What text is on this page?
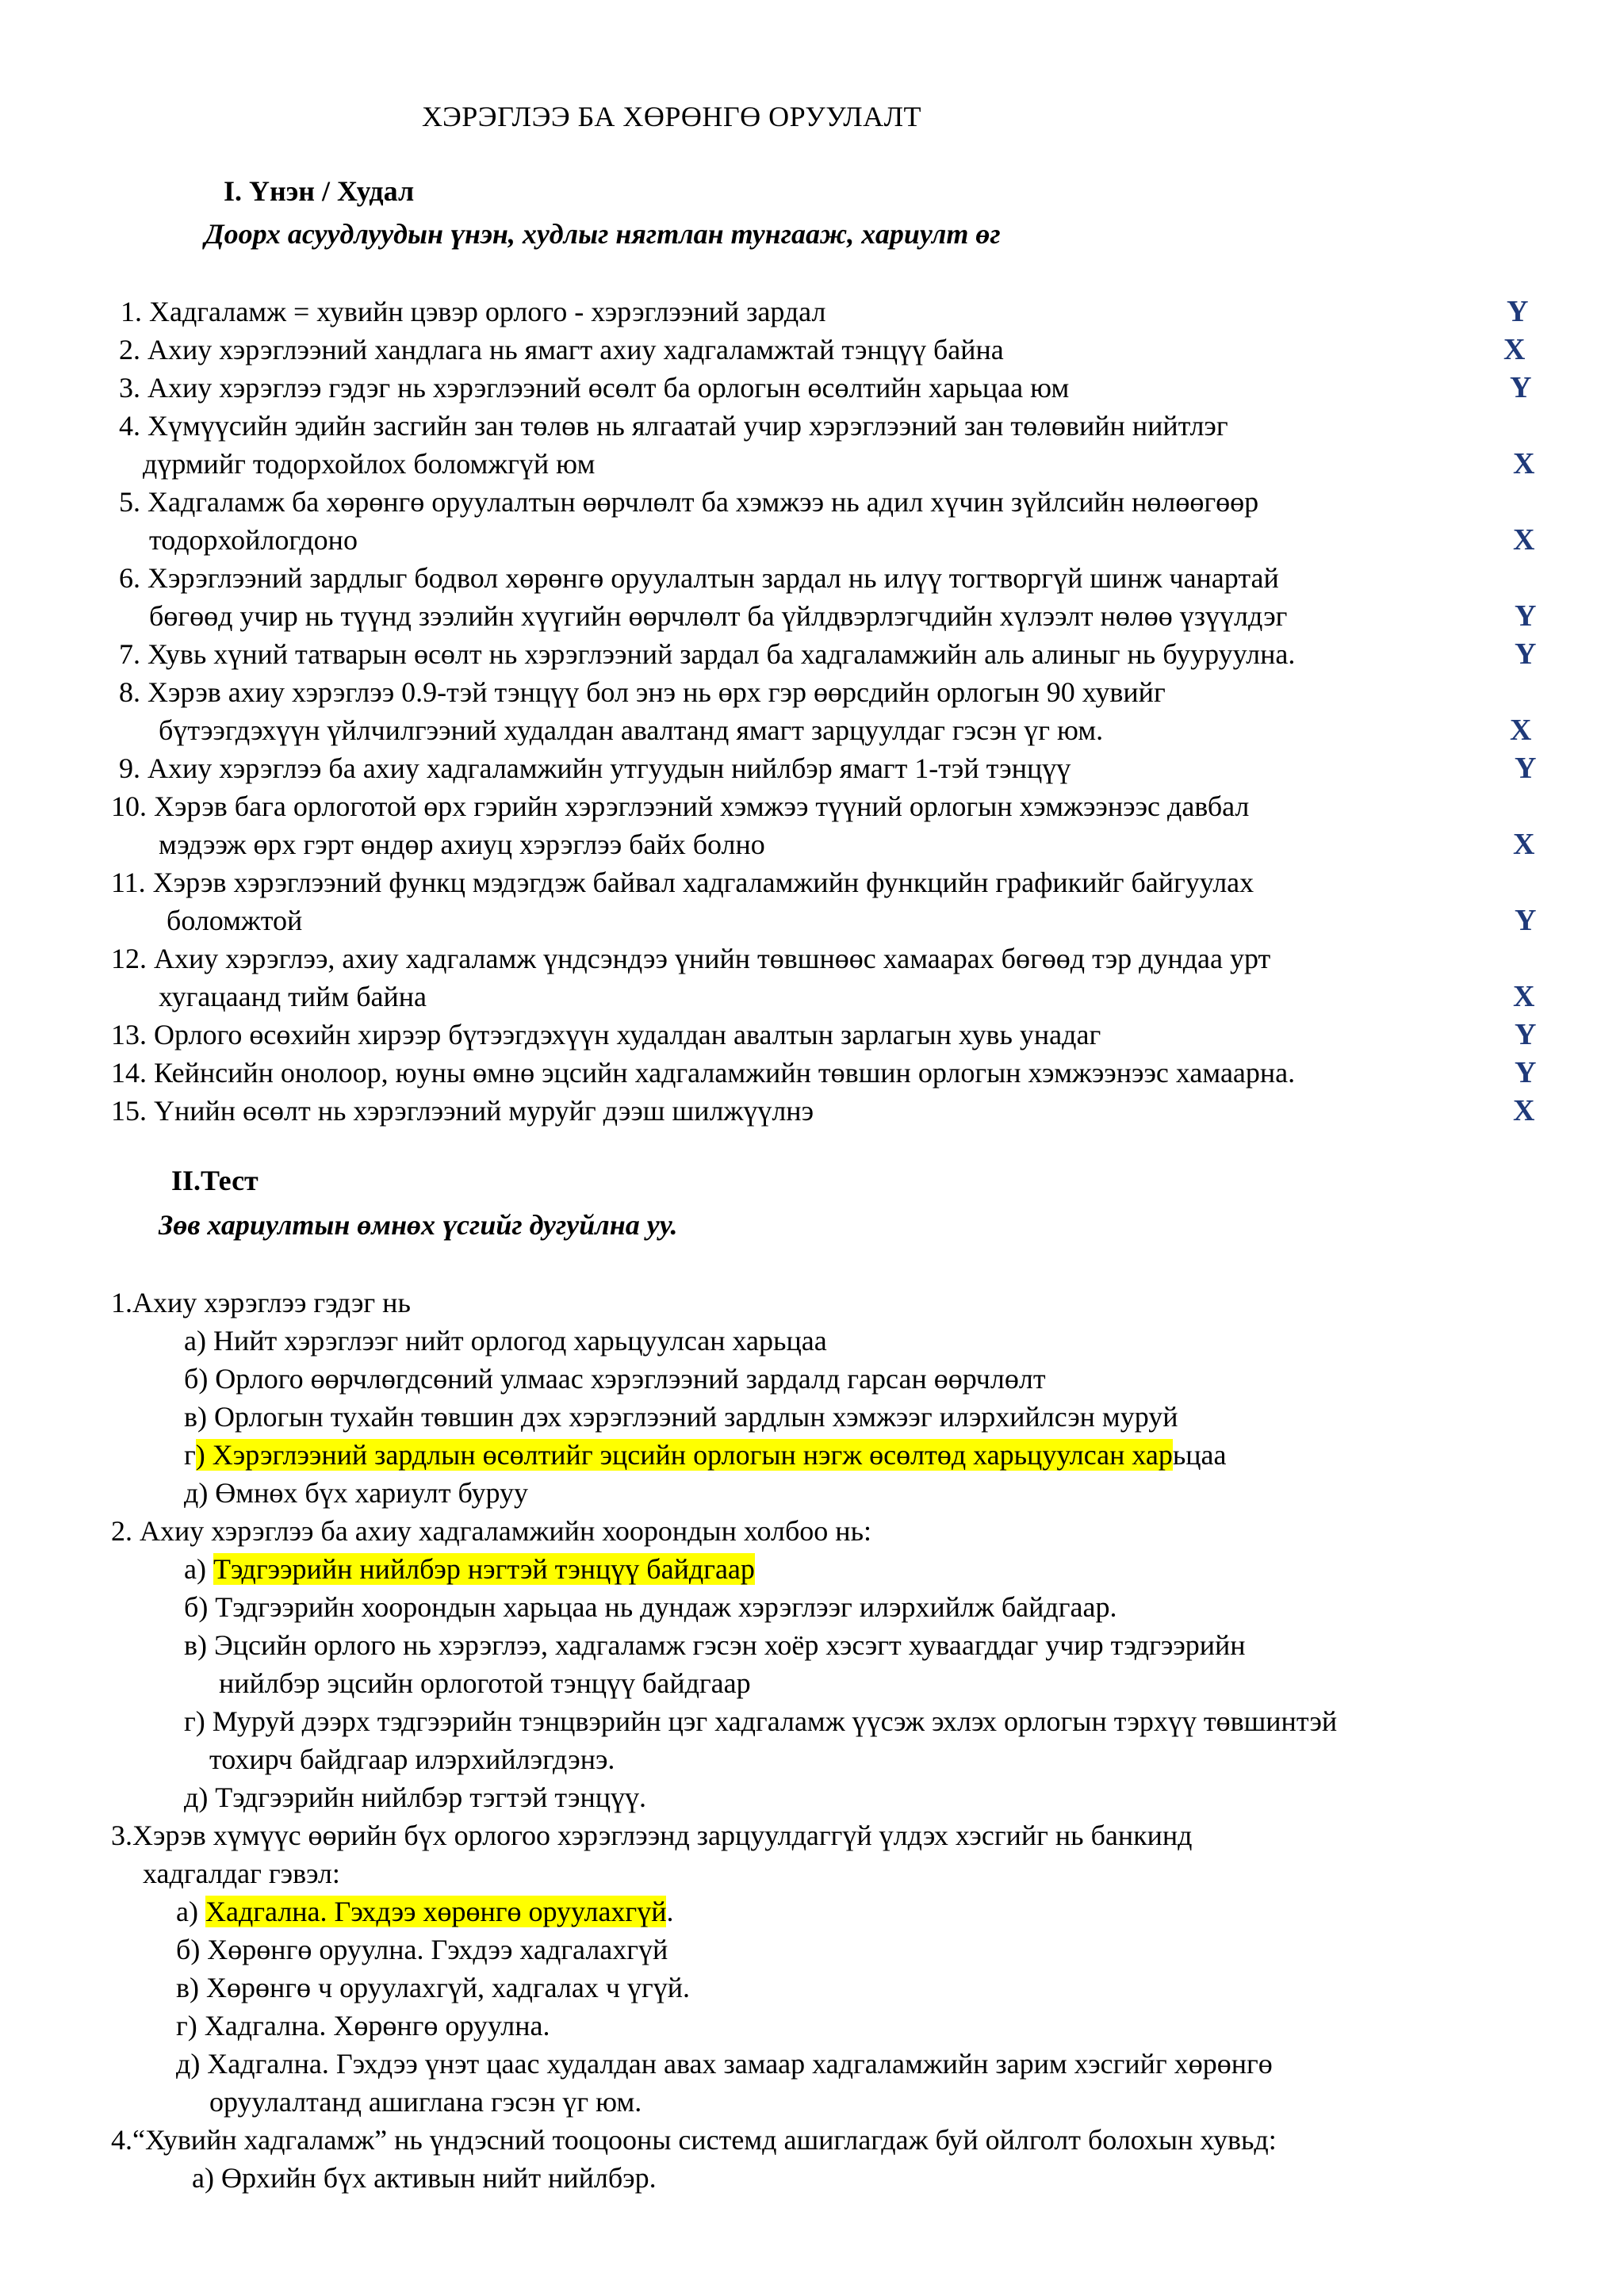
ХЭРЭГЛЭЭ БА ХӨРӨНГӨ ОРУУЛАЛТ
I. Үнэн / Худал
Доорх асуудлуудын үнэн, худлыг нягтлан тунгааж, хариулт өг
1. Хадгаламж = хувийн цэвэр орлого - хэрэглээний зардал
2. Ахиу хэрэглээний хандлага нь ямагт ахиу хадгаламжтай тэнцүү байна
3. Ахиу хэрэглээ гэдэг нь хэрэглээний өсөлт ба орлогын өсөлтийн харьцаа юм
4. Хүмүүсийн эдийн засгийн зан төлөв нь ялгаатай учир хэрэглээний зан төлөвийн нийтлэг
дүрмийг тодорхойлох боломжгүй юм
5. Хадгаламж ба хөрөнгө оруулалтын өөрчлөлт ба хэмжээ нь адил хүчин зүйлсийн нөлөөгөөр
тодорхойлогдоно
6. Хэрэглээний зардлыг бодвол хөрөнгө оруулалтын зардал нь илүү тогтворгүй шинж чанартай
бөгөөд учир нь түүнд зээлийн хүүгийн өөрчлөлт ба үйлдвэрлэгчдийн хүлээлт нөлөө үзүүлдэг
7. Хувь хүний татварын өсөлт нь хэрэглээний зардал ба хадгаламжийн аль алиныг нь бууруулна.
8. Хэрэв ахиу хэрэглээ 0.9-тэй тэнцүү бол энэ нь өрх гэр өөрсдийн орлогын 90 хувийг
бүтээгдэхүүн үйлчилгээний худалдан авалтанд ямагт зарцуулдаг гэсэн үг юм.
9. Ахиу хэрэглээ ба ахиу хадгаламжийн утгуудын нийлбэр ямагт 1-тэй тэнцүү
10. Хэрэв бага орлоготой өрх гэрийн хэрэглээний хэмжээ түүний орлогын хэмжээнээс давбал
мэдээж өрх гэрт өндөр ахиуц хэрэглээ байх болно
11. Хэрэв хэрэглээний функц мэдэгдэж байвал хадгаламжийн функцийн графикийг байгуулах
боломжтой
12. Ахиу хэрэглээ, ахиу хадгаламж үндсэндээ үнийн төвшнөөс хамаарах бөгөөд тэр дундаа урт
хугацаанд тийм байна
13. Орлого өсөхийн хирээр бүтээгдэхүүн худалдан авалтын зарлагын хувь унадаг
14. Кейнсийн онолоор, юуны өмнө эцсийн хадгаламжийн төвшин орлогын хэмжээнээс хамаарна.
15. Үнийн өсөлт нь хэрэглээний муруйг дээш шилжүүлнэ
Y
X
Y
X
X
Y
Y
X
Y
X
Y
X
Y
Y
X
II.Тест
Зөв хариултын өмнөх үсгийг дугуйлна уу.
1.Ахиу хэрэглээ гэдэг нь
а) Нийт хэрэглээг нийт орлогод харьцуулсан харьцаа
б) Орлого өөрчлөгдсөний улмаас хэрэглээний зардалд гарсан өөрчлөлт
в) Орлогын тухайн төвшин дэх хэрэглээний зардлын хэмжээг илэрхийлсэн муруй
г) Хэрэглээний зардлын өсөлтийг эцсийн орлогын нэгж өсөлтөд харьцуулсан харьцаа
д) Өмнөх бүх хариулт буруу
2. Ахиу хэрэглээ ба ахиу хадгаламжийн хоорондын холбоо нь:
а) Тэдгээрийн нийлбэр нэгтэй тэнцүү байдгаар
б) Тэдгээрийн хоорондын харьцаа нь дундаж хэрэглээг илэрхийлж байдгаар.
в) Эцсийн орлого нь хэрэглээ, хадгаламж гэсэн хоёр хэсэгт хуваагддаг учир тэдгээрийн
нийлбэр эцсийн орлоготой тэнцүү байдгаар
г) Муруй дээрх тэдгээрийн тэнцвэрийн цэг хадгаламж үүсэж эхлэх орлогын тэрхүү төвшинтэй
тохирч байдгаар илэрхийлэгдэнэ.
д) Тэдгээрийн нийлбэр тэгтэй тэнцүү.
3.Хэрэв хүмүүс өөрийн бүх орлогоо хэрэглээнд зарцуулдаггүй үлдэх хэсгийг нь банкинд
хадгалдаг гэвэл:
а) Хадгална. Гэхдээ хөрөнгө оруулахгүй.
б) Хөрөнгө оруулна. Гэхдээ хадгалахгүй
в) Хөрөнгө ч оруулахгүй, хадгалах ч үгүй.
г) Хадгална. Хөрөнгө оруулна.
д) Хадгална. Гэхдээ үнэт цаас худалдан авах замаар хадгаламжийн зарим хэсгийг хөрөнгө
оруулалтанд ашиглана гэсэн үг юм.
4.“Хувийн хадгаламж” нь үндэсний тооцооны системд ашиглагдаж буй ойлголт болохын хувьд:
а) Өрхийн бүх активын нийт нийлбэр.
